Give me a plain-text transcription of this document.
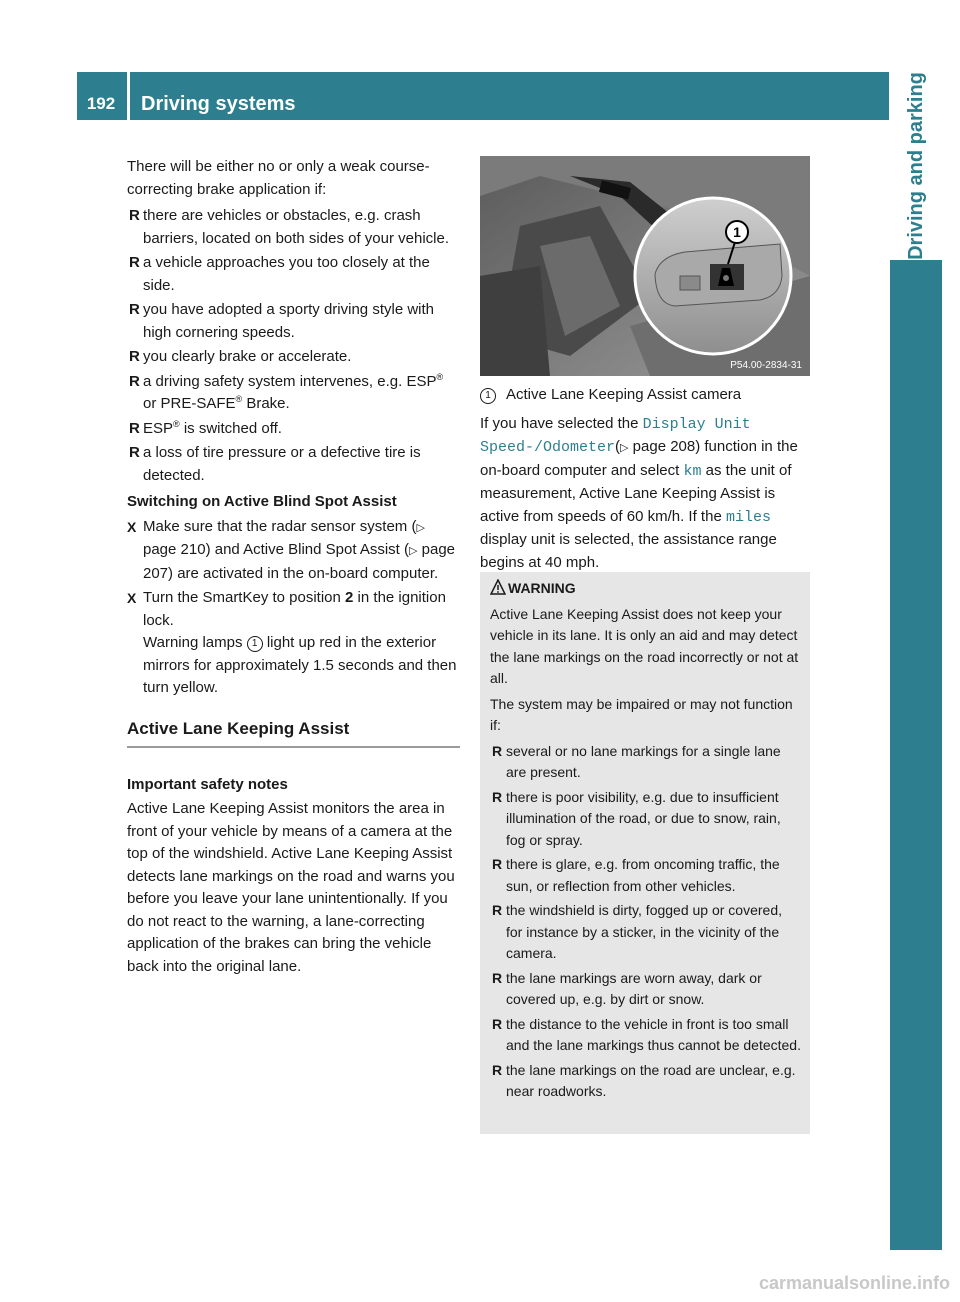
192	Driving systems	Driving and parking

There will be either no or only a weak course-correcting brake application if:

R there are vehicles or obstacles, e.g. crash barriers, located on both sides of your vehicle.
R a vehicle approaches you too closely at the side.
R you have adopted a sporty driving style with high cornering speeds.
R you clearly brake or accelerate.
R a driving safety system intervenes, e.g. ESP® or PRE-SAFE® Brake.
R ESP® is switched off.
R a loss of tire pressure or a defective tire is detected.
Switching on Active Blind Spot Assist
X Make sure that the radar sensor system (▷ page 210) and Active Blind Spot Assist (▷ page 207) are activated in the on-board computer.
X Turn the SmartKey to position 2 in the ignition lock.
Warning lamps 1 light up red in the exterior mirrors for approximately 1.5 seconds and then turn yellow.
Active Lane Keeping Assist
Important safety notes

Active Lane Keeping Assist monitors the area in front of your vehicle by means of a camera at the top of the windshield. Active Lane Keeping Assist detects lane markings on the road and warns you before you leave your lane unintentionally. If you do not react to the warning, a lane-correcting application of the brakes can bring the vehicle back into the original lane.

1
P54.00-2834-31
1 Active Lane Keeping Assist camera

If you have selected the Display Unit Speed-/Odometer(▷ page 208) function in the on-board computer and select km as the unit of measurement, Active Lane Keeping Assist is active from speeds of 60 km/h. If the miles display unit is selected, the assistance range begins at 40 mph.

WARNING

Active Lane Keeping Assist does not keep your vehicle in its lane. It is only an aid and may detect the lane markings on the road incorrectly or not at all.

The system may be impaired or may not function if:

R several or no lane markings for a single lane are present.
R there is poor visibility, e.g. due to insufficient illumination of the road, or due to snow, rain, fog or spray.
R there is glare, e.g. from oncoming traffic, the sun, or reflection from other vehicles.
R the windshield is dirty, fogged up or covered, for instance by a sticker, in the vicinity of the camera.
R the lane markings are worn away, dark or covered up, e.g. by dirt or snow.
R the distance to the vehicle in front is too small and the lane markings thus cannot be detected.
R the lane markings on the road are unclear, e.g. near roadworks.
carmanualsonline.info
